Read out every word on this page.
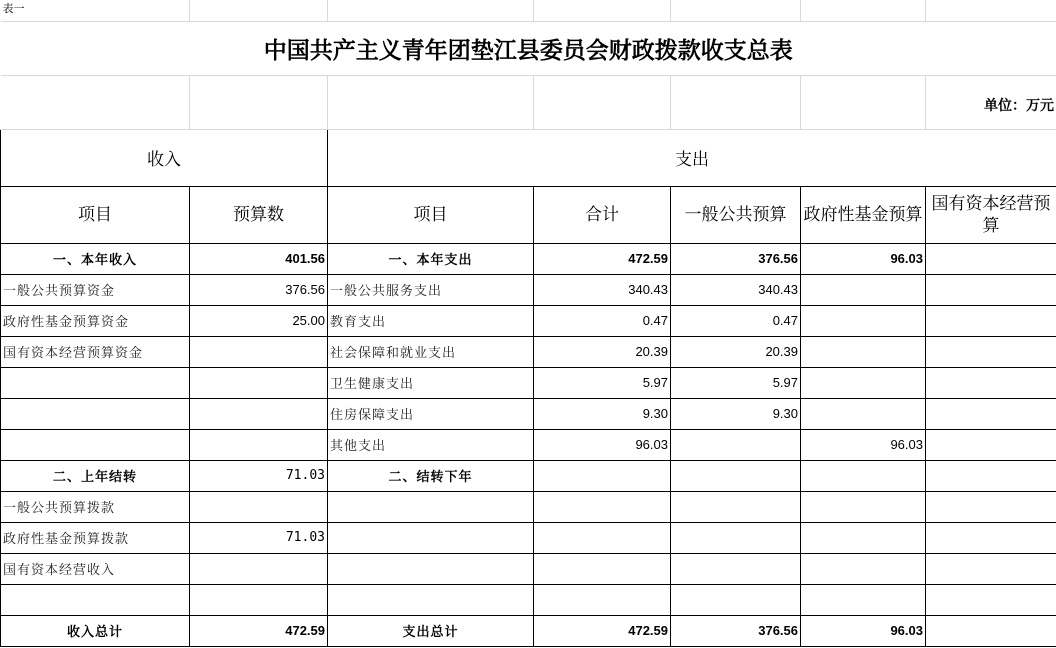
表一						
中国共产主义青年团垫江县委员会财政拨款收支总表						
						单位：万元
收入		支出				
项目	预算数	项目	合计	一般公共预算	政府性基金预算	国有资本经营预算
一、本年收入	401.56	一、本年支出	472.59	376.56	96.03	
一般公共预算资金	376.56	一般公共服务支出	340.43	340.43		
政府性基金预算资金	25.00	教育支出	0.47	0.47		
国有资本经营预算资金		社会保障和就业支出	20.39	20.39		
		卫生健康支出	5.97	5.97		
		住房保障支出	9.30	9.30		
		其他支出	96.03		96.03	
二、上年结转	71.03	二、结转下年				
一般公共预算拨款						
政府性基金预算拨款	71.03					
国有资本经营收入						

收入总计	472.59	支出总计	472.59	376.56	96.03	
